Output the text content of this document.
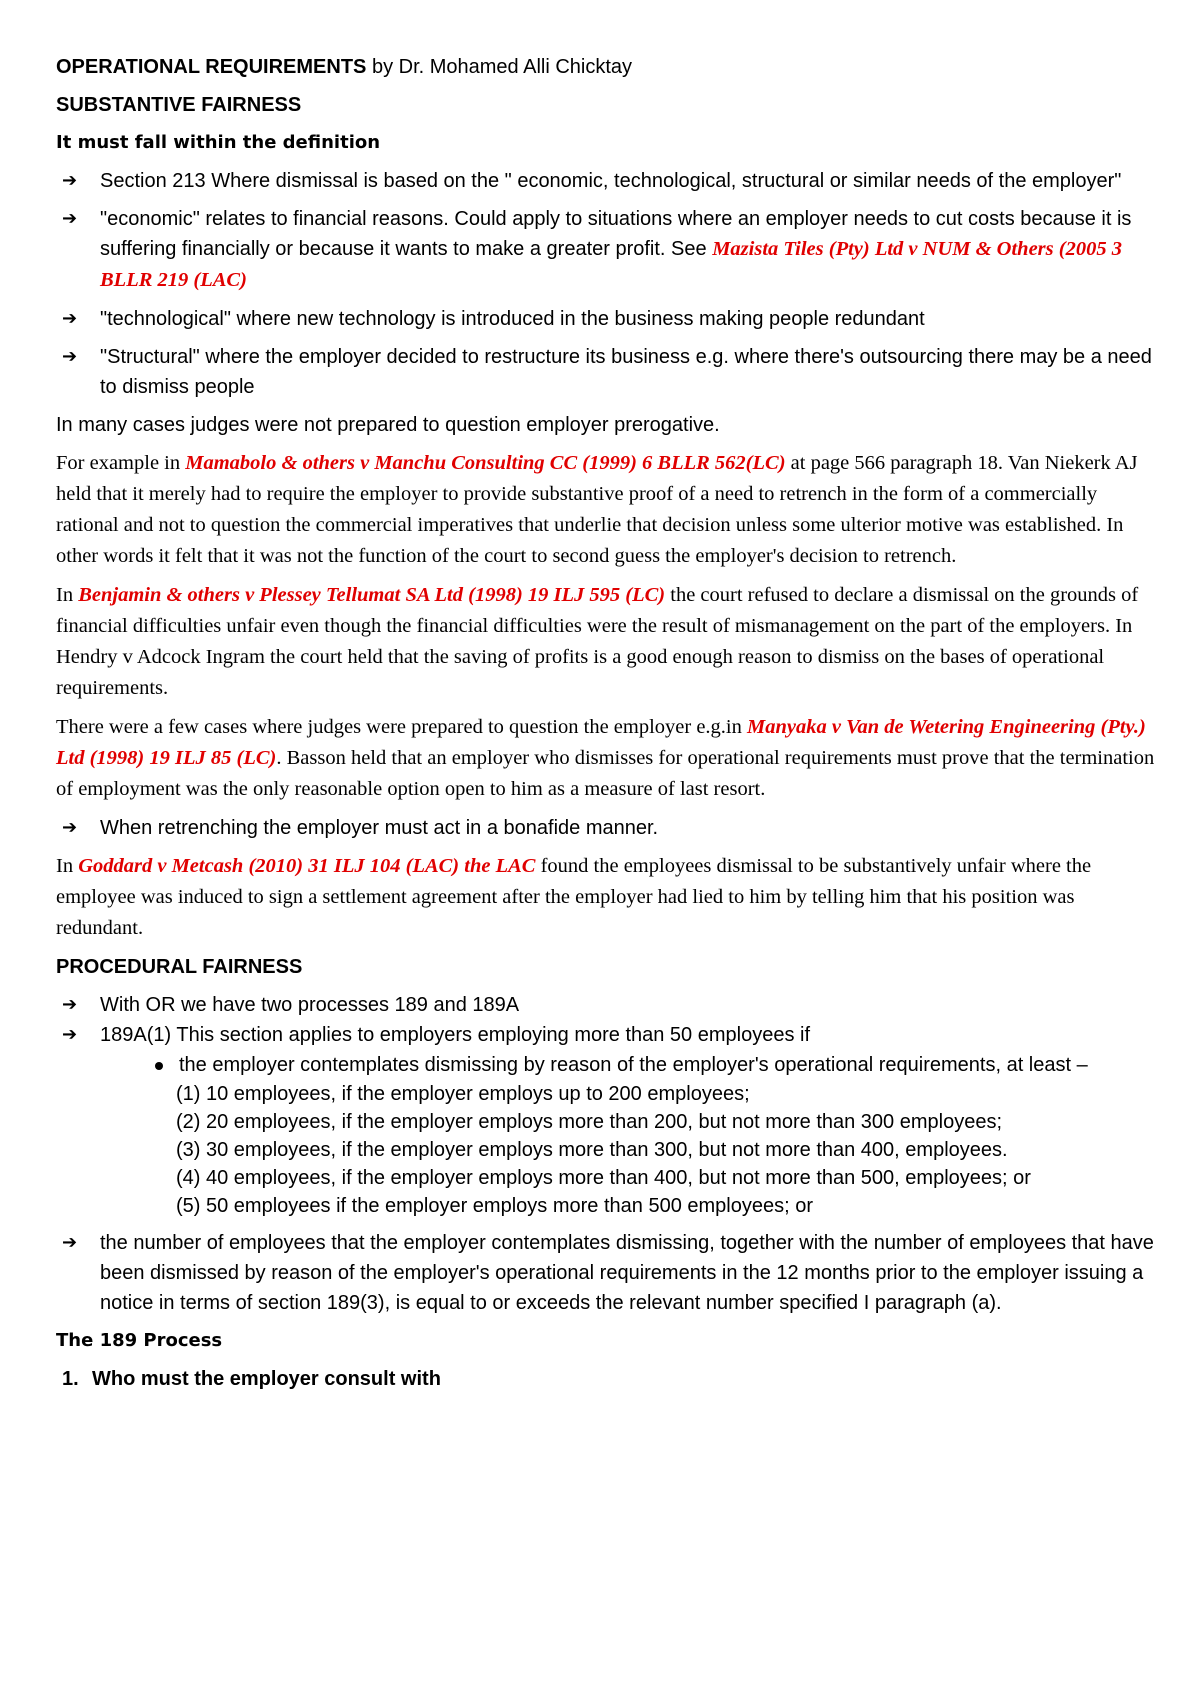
OPERATIONAL REQUIREMENTS by Dr. Mohamed Alli Chicktay
SUBSTANTIVE FAIRNESS
It must fall within the definition
➔ Section 213 Where dismissal is based on the " economic, technological, structural or similar needs of the employer"
➔ "economic" relates to financial reasons. Could apply to situations where an employer needs to cut costs because it is suffering financially or because it wants to make a greater profit. See Mazista Tiles (Pty) Ltd v NUM & Others (2005 3 BLLR 219 (LAC)
➔ "technological" where new technology is introduced in the business making people redundant
➔ "Structural" where the employer decided to restructure its business e.g. where there's outsourcing there may be a need to dismiss people

In many cases judges were not prepared to question employer prerogative.

For example in Mamabolo & others v Manchu Consulting CC (1999) 6 BLLR 562(LC) at page 566 paragraph 18. Van Niekerk AJ held that it merely had to require the employer to provide substantive proof of a need to retrench in the form of a commercially rational and not to question the commercial imperatives that underlie that decision unless some ulterior motive was established. In other words it felt that it was not the function of the court to second guess the employer's decision to retrench.

In Benjamin & others v Plessey Tellumat SA Ltd (1998) 19 ILJ 595 (LC) the court refused to declare a dismissal on the grounds of financial difficulties unfair even though the financial difficulties were the result of mismanagement on the part of the employers. In Hendry v Adcock Ingram the court held that the saving of profits is a good enough reason to dismiss on the bases of operational requirements.

There were a few cases where judges were prepared to question the employer e.g.in Manyaka v Van de Wetering Engineering (Pty.) Ltd (1998) 19 ILJ 85 (LC). Basson held that an employer who dismisses for operational requirements must prove that the termination of employment was the only reasonable option open to him as a measure of last resort.

➔ When retrenching the employer must act in a bonafide manner.

In Goddard v Metcash (2010) 31 ILJ 104 (LAC) the LAC found the employees dismissal to be substantively unfair where the employee was induced to sign a settlement agreement after the employer had lied to him by telling him that his position was redundant.

PROCEDURAL FAIRNESS
➔ With OR we have two processes 189 and 189A
➔ 189A(1) This section applies to employers employing more than 50 employees if
the employer contemplates dismissing by reason of the employer's operational requirements, at least –
(1) 10 employees, if the employer employs up to 200 employees;
(2) 20 employees, if the employer employs more than 200, but not more than 300 employees;
(3) 30 employees, if the employer employs more than 300, but not more than 400, employees.
(4) 40 employees, if the employer employs more than 400, but not more than 500, employees; or
(5) 50 employees if the employer employs more than 500 employees; or
➔ the number of employees that the employer contemplates dismissing, together with the number of employees that have been dismissed by reason of the employer's operational requirements in the 12 months prior to the employer issuing a notice in terms of section 189(3), is equal to or exceeds the relevant number specified I paragraph (a).
The 189 Process
1. Who must the employer consult with
